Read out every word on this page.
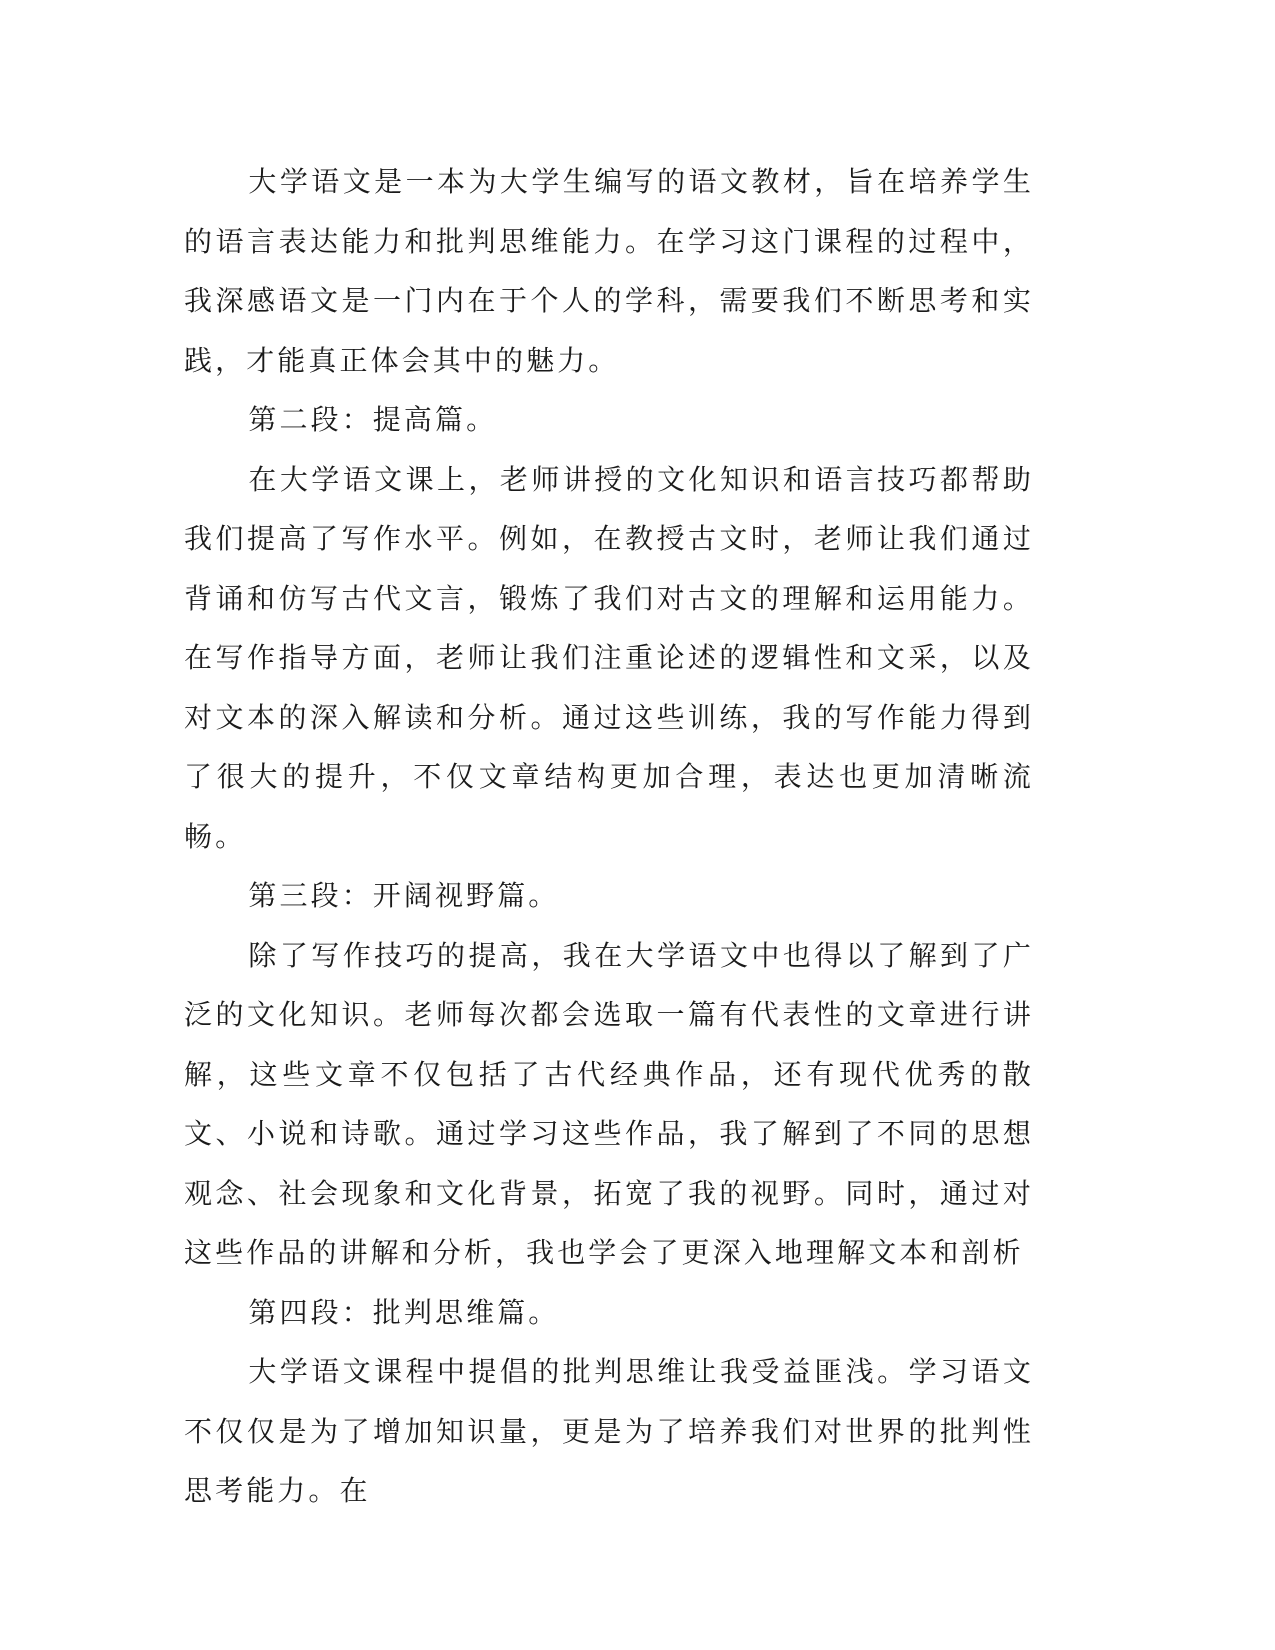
大学语文是一本为大学生编写的语文教材，旨在培养学生的语言表达能力和批判思维能力。在学习这门课程的过程中，我深感语文是一门内在于个人的学科，需要我们不断思考和实践，才能真正体会其中的魅力。

第二段：提高篇。

在大学语文课上，老师讲授的文化知识和语言技巧都帮助我们提高了写作水平。例如，在教授古文时，老师让我们通过背诵和仿写古代文言，锻炼了我们对古文的理解和运用能力。在写作指导方面，老师让我们注重论述的逻辑性和文采，以及对文本的深入解读和分析。通过这些训练，我的写作能力得到了很大的提升，不仅文章结构更加合理，表达也更加清晰流畅。

第三段：开阔视野篇。

除了写作技巧的提高，我在大学语文中也得以了解到了广泛的文化知识。老师每次都会选取一篇有代表性的文章进行讲解，这些文章不仅包括了古代经典作品，还有现代优秀的散文、小说和诗歌。通过学习这些作品，我了解到了不同的思想观念、社会现象和文化背景，拓宽了我的视野。同时，通过对这些作品的讲解和分析，我也学会了更深入地理解文本和剖析

第四段：批判思维篇。

大学语文课程中提倡的批判思维让我受益匪浅。学习语文不仅仅是为了增加知识量，更是为了培养我们对世界的批判性思考能力。在
